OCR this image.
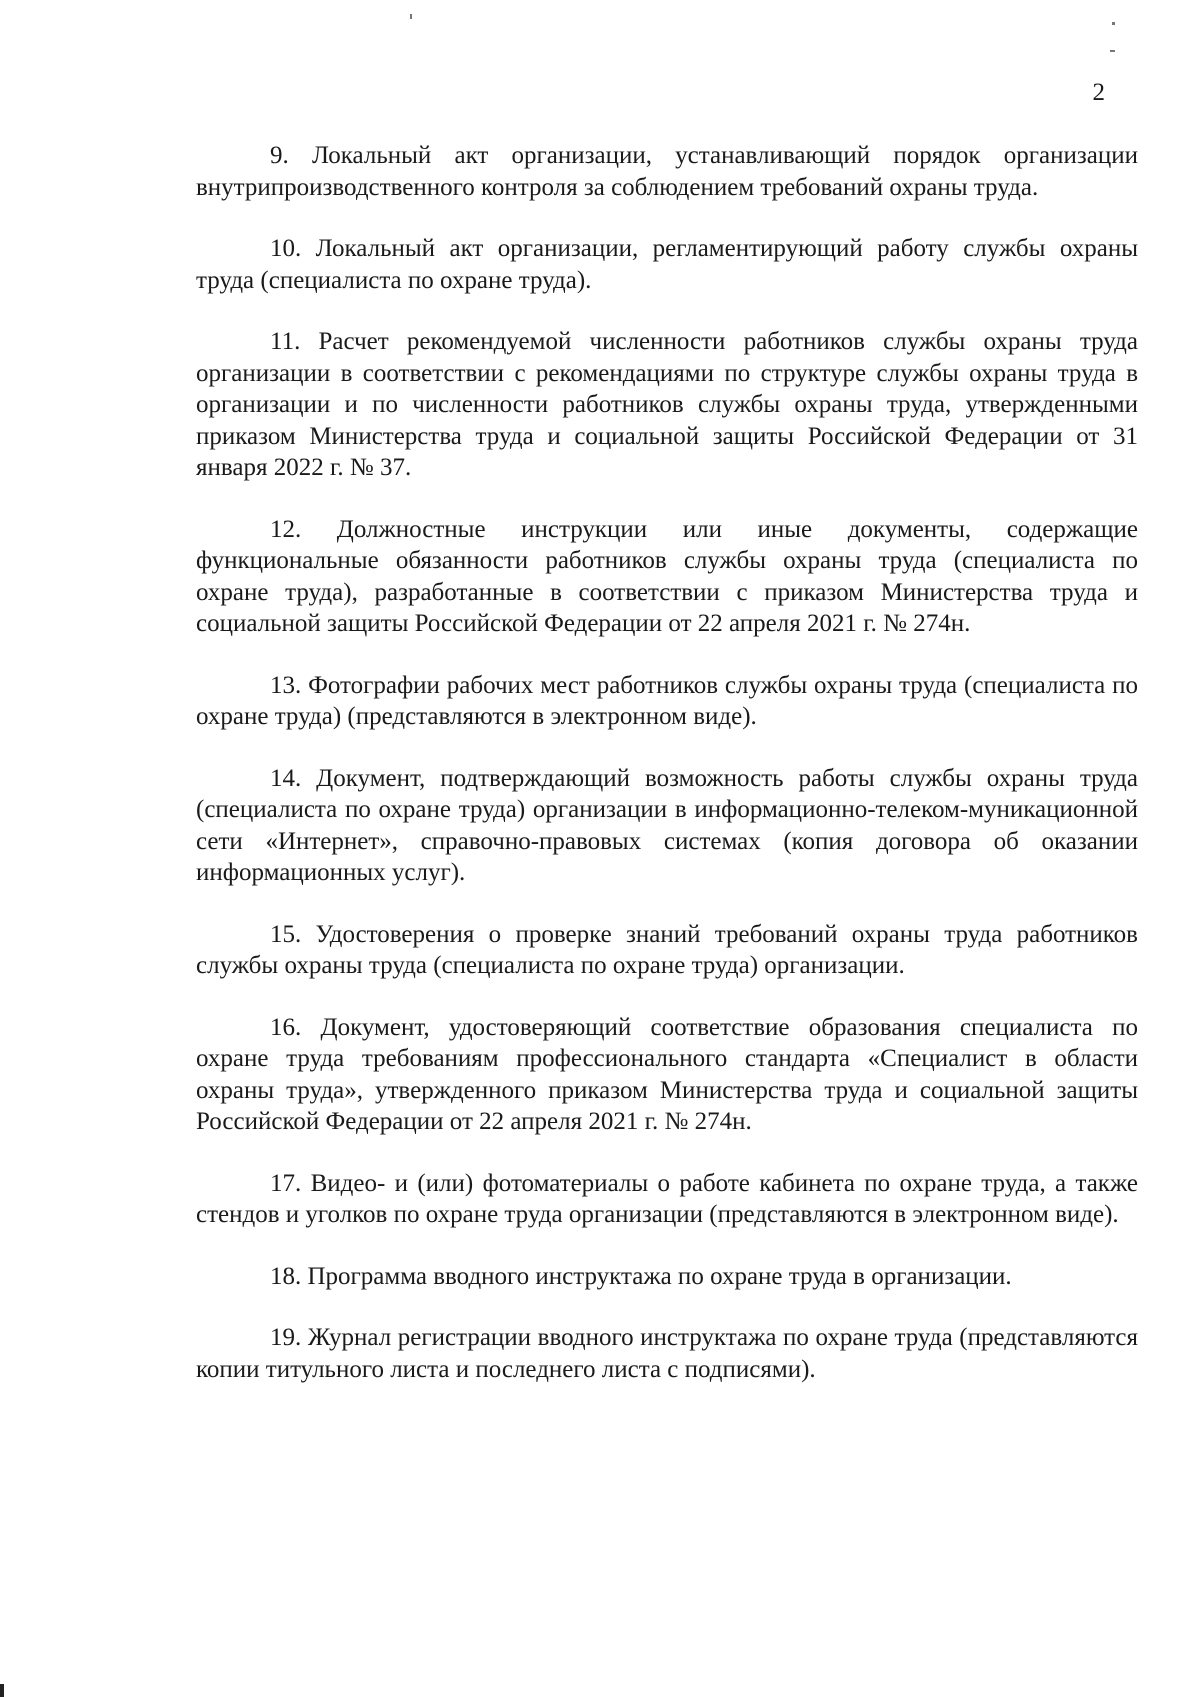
2

9. Локальный акт организации, устанавливающий порядок организации внутрипроизводственного контроля за соблюдением требований охраны труда.

10. Локальный акт организации, регламентирующий работу службы охраны труда (специалиста по охране труда).

11. Расчет рекомендуемой численности работников службы охраны труда организации в соответствии с рекомендациями по структуре службы охраны труда в организации и по численности работников службы охраны труда, утвержденными приказом Министерства труда и социальной защиты Российской Федерации от 31 января 2022 г. № 37.

12. Должностные инструкции или иные документы, содержащие функциональные обязанности работников службы охраны труда (специалиста по охране труда), разработанные в соответствии с приказом Министерства труда и социальной защиты Российской Федерации от 22 апреля 2021 г. № 274н.

13. Фотографии рабочих мест работников службы охраны труда (специалиста по охране труда) (представляются в электронном виде).

14. Документ, подтверждающий возможность работы службы охраны труда (специалиста по охране труда) организации в информационно-телеком-муникационной сети «Интернет», справочно-правовых системах (копия договора об оказании информационных услуг).

15. Удостоверения о проверке знаний требований охраны труда работников службы охраны труда (специалиста по охране труда) организации.

16. Документ, удостоверяющий соответствие образования специалиста по охране труда требованиям профессионального стандарта «Специалист в области охраны труда», утвержденного приказом Министерства труда и социальной защиты Российской Федерации от 22 апреля 2021 г. № 274н.

17. Видео- и (или) фотоматериалы о работе кабинета по охране труда, а также стендов и уголков по охране труда организации (представляются в электронном виде).

18. Программа вводного инструктажа по охране труда в организации.

19. Журнал регистрации вводного инструктажа по охране труда (представляются копии титульного листа и последнего листа с подписями).
